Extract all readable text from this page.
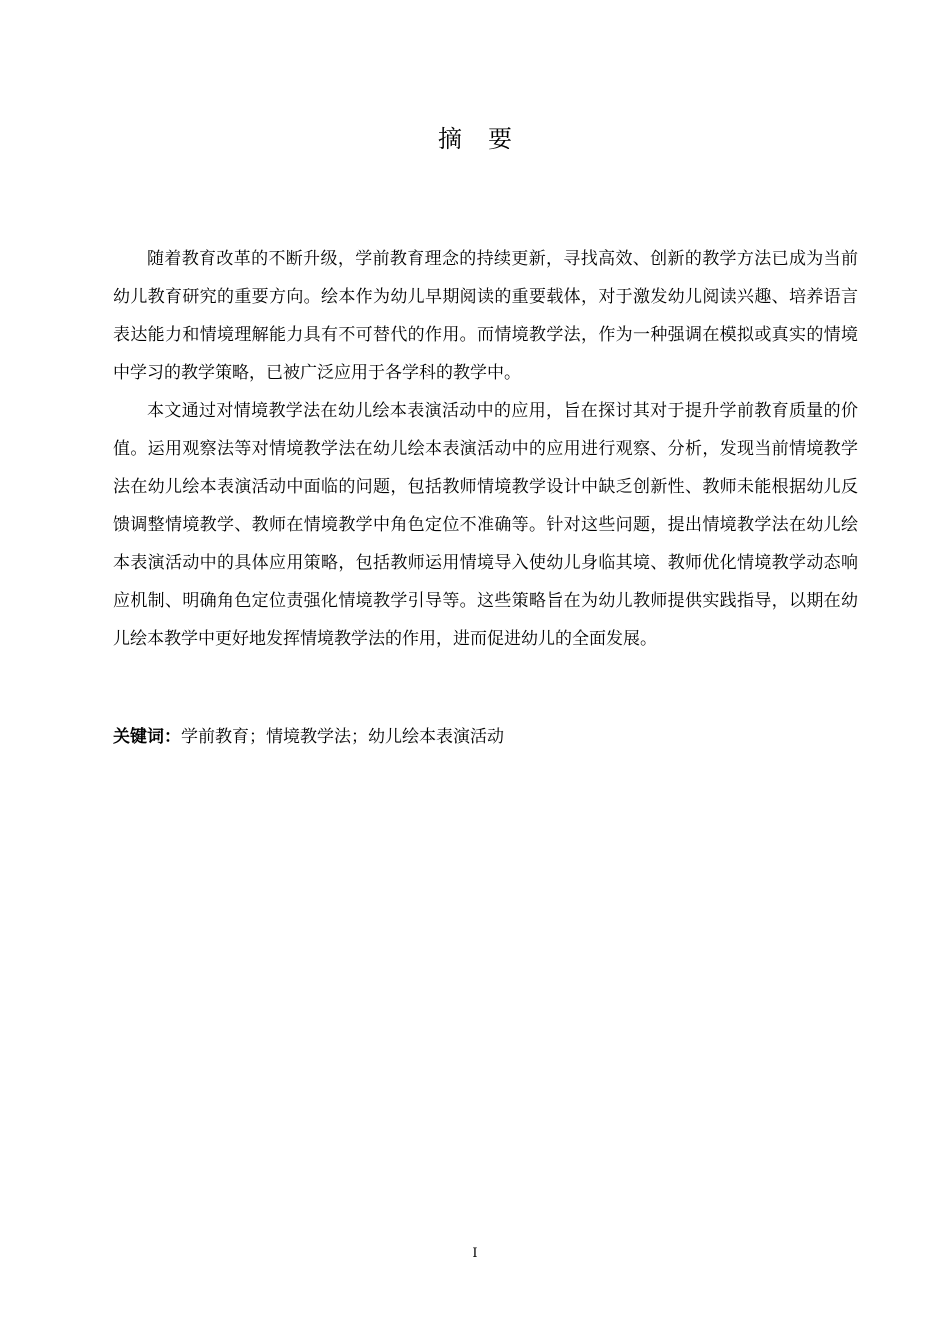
摘要

随着教育改革的不断升级，学前教育理念的持续更新，寻找高效、创新的教学方法已成为当前幼儿教育研究的重要方向。绘本作为幼儿早期阅读的重要载体，对于激发幼儿阅读兴趣、培养语言表达能力和情境理解能力具有不可替代的作用。而情境教学法，作为一种强调在模拟或真实的情境中学习的教学策略，已被广泛应用于各学科的教学中。

本文通过对情境教学法在幼儿绘本表演活动中的应用，旨在探讨其对于提升学前教育质量的价值。运用观察法等对情境教学法在幼儿绘本表演活动中的应用进行观察、分析，发现当前情境教学法在幼儿绘本表演活动中面临的问题，包括教师情境教学设计中缺乏创新性、教师未能根据幼儿反馈调整情境教学、教师在情境教学中角色定位不准确等。针对这些问题，提出情境教学法在幼儿绘本表演活动中的具体应用策略，包括教师运用情境导入使幼儿身临其境、教师优化情境教学动态响应机制、明确角色定位责强化情境教学引导等。这些策略旨在为幼儿教师提供实践指导，以期在幼儿绘本教学中更好地发挥情境教学法的作用，进而促进幼儿的全面发展。

关键词：学前教育；情境教学法；幼儿绘本表演活动
I
